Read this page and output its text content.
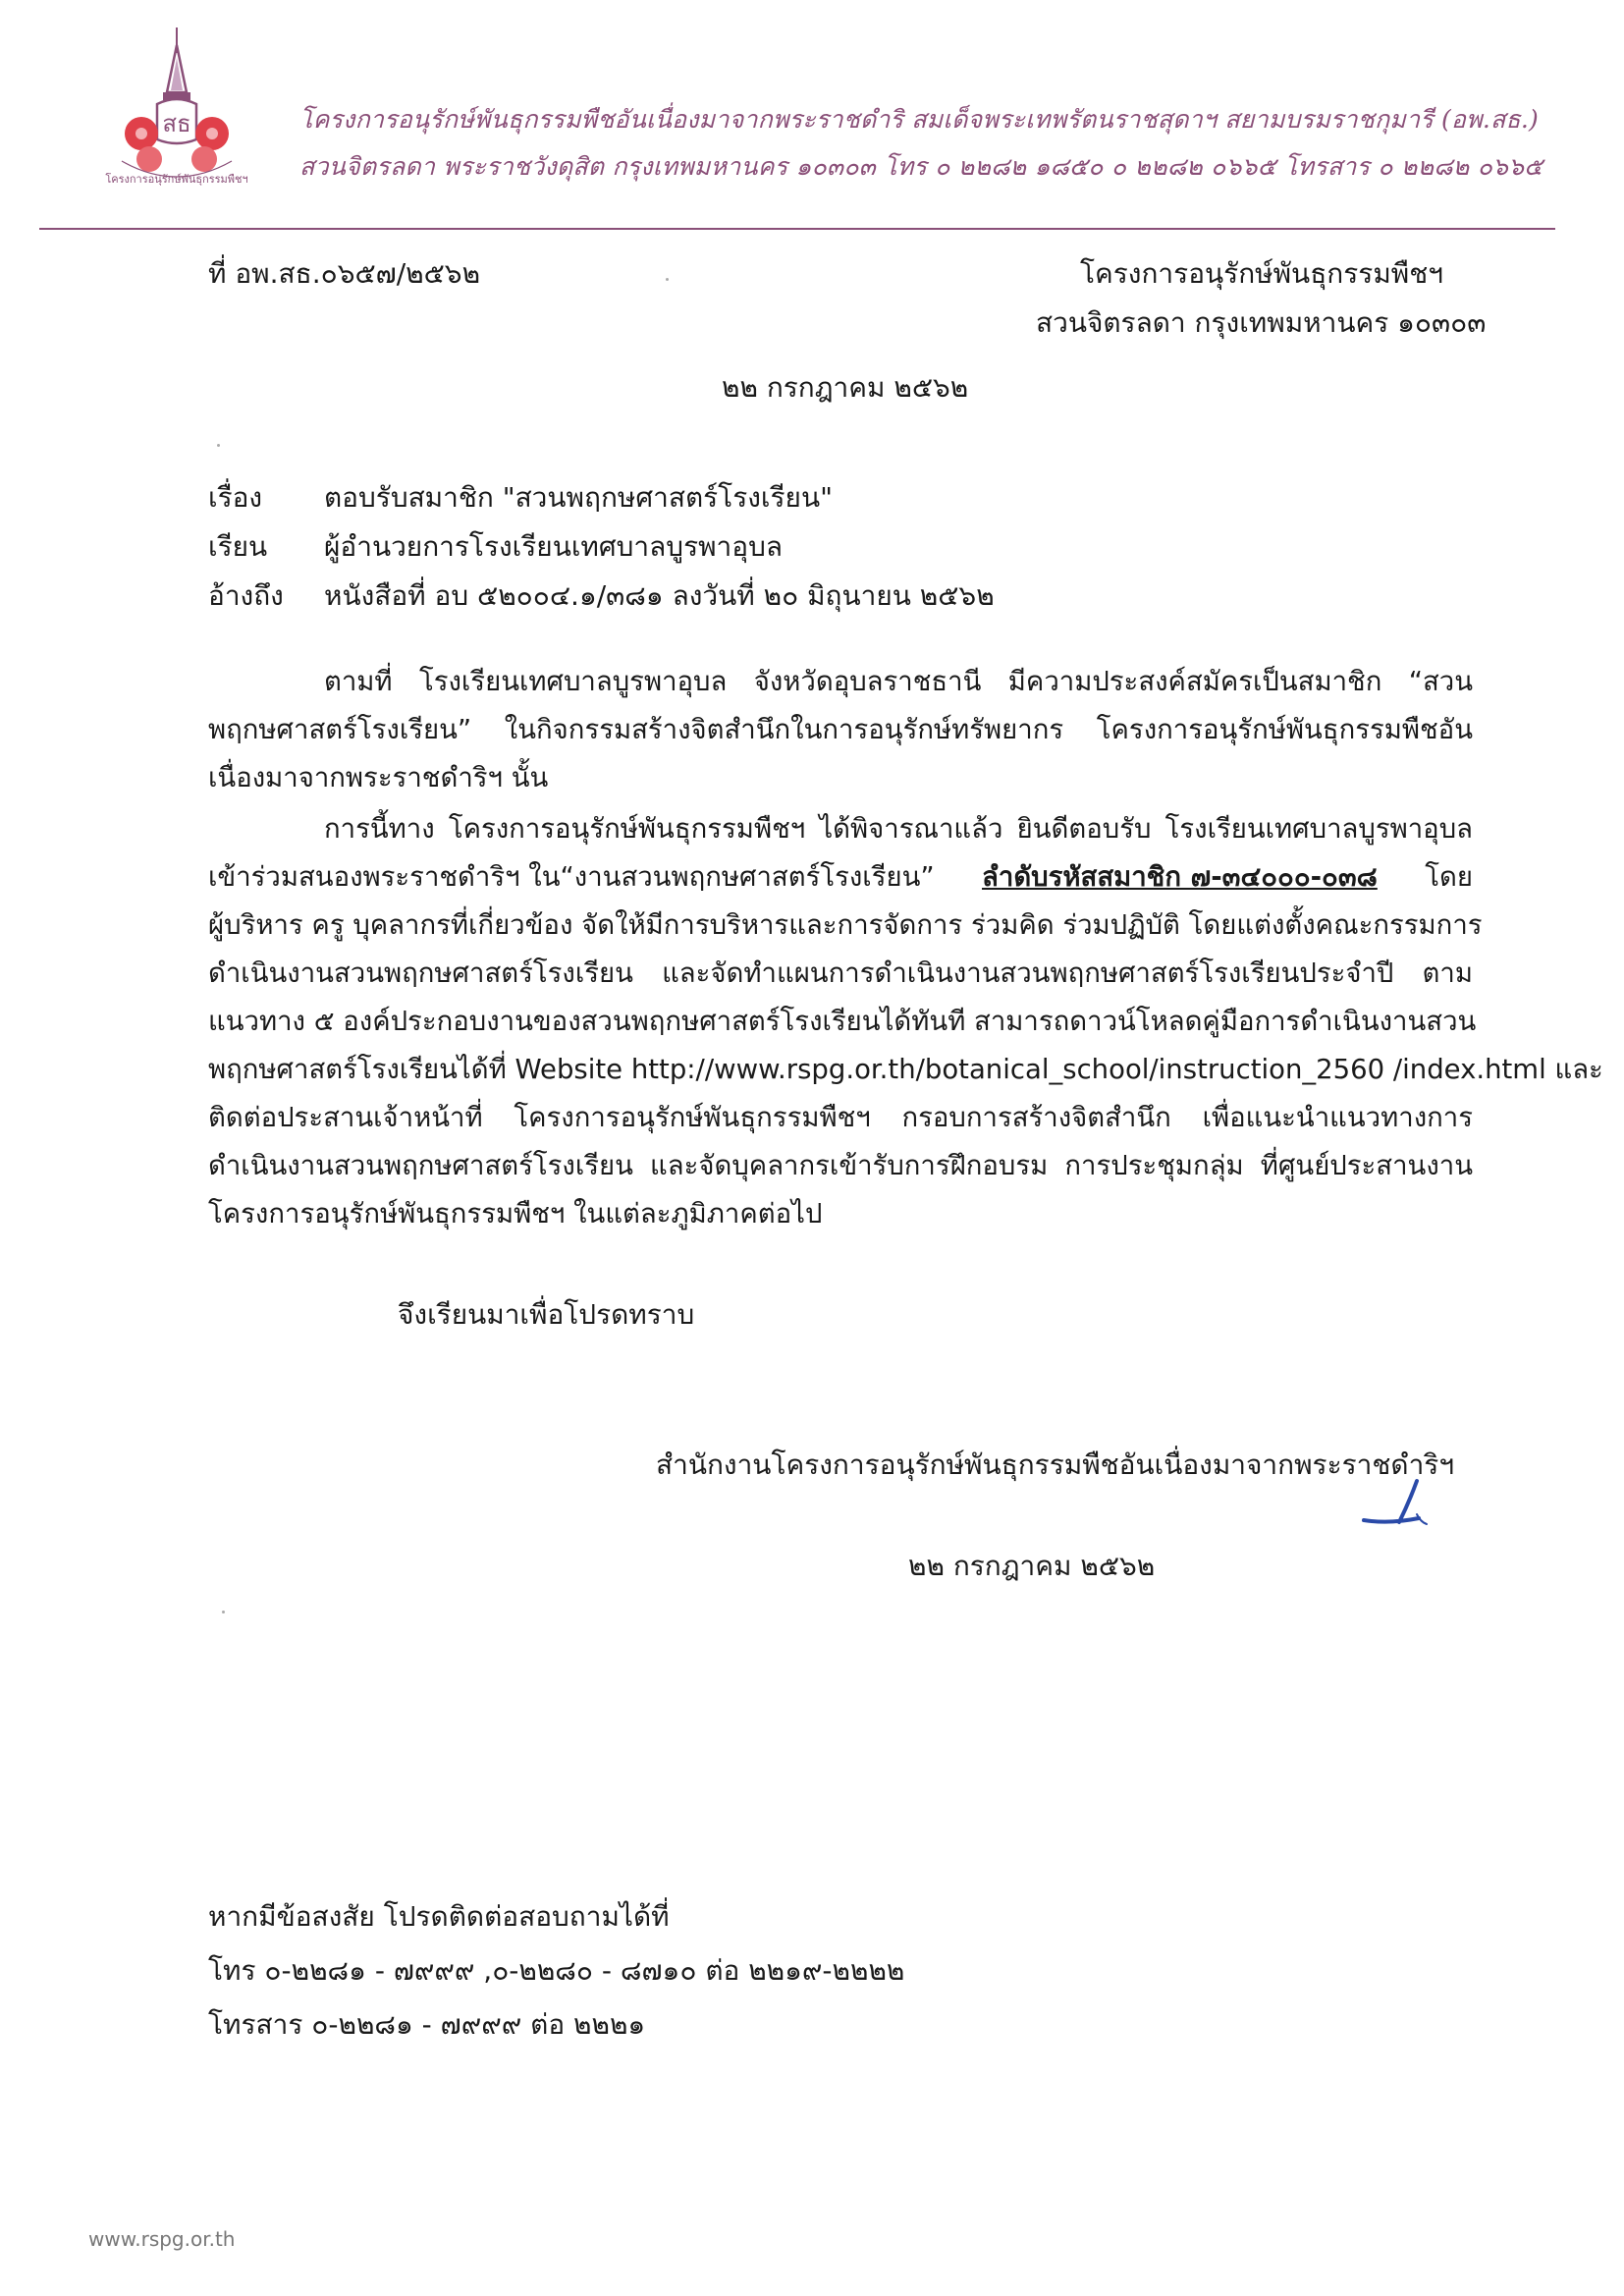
สธ
โครงการอนุรักษ์พันธุกรรมพืชฯ
โครงการอนุรักษ์พันธุกรรมพืชอันเนื่องมาจากพระราชดำริ สมเด็จพระเทพรัตนราชสุดาฯ สยามบรมราชกุมารี (อพ.สธ.)
สวนจิตรลดา พระราชวังดุสิต กรุงเทพมหานคร ๑๐๓๐๓ โทร ๐ ๒๒๘๒ ๑๘๕๐ ๐ ๒๒๘๒ ๐๖๖๕ โทรสาร ๐ ๒๒๘๒ ๐๖๖๕
ที่ อพ.สธ.๐๖๕๗/๒๕๖๒	โครงการอนุรักษ์พันธุกรรมพืชฯ
สวนจิตรลดา กรุงเทพมหานคร ๑๐๓๐๓
๒๒ กรกฎาคม ๒๕๖๒
เรื่อง ตอบรับสมาชิก "สวนพฤกษศาสตร์โรงเรียน"
เรียน ผู้อำนวยการโรงเรียนเทศบาลบูรพาอุบล
อ้างถึง หนังสือที่ อบ ๕๒๐๐๔.๑/๓๘๑ ลงวันที่ ๒๐ มิถุนายน ๒๕๖๒
ตามที่ โรงเรียนเทศบาลบูรพาอุบล จังหวัดอุบลราชธานี มีความประสงค์สมัครเป็นสมาชิก “สวน
พฤกษศาสตร์โรงเรียน” ในกิจกรรมสร้างจิตสำนึกในการอนุรักษ์ทรัพยากร โครงการอนุรักษ์พันธุกรรมพืชอัน
เนื่องมาจากพระราชดำริฯ นั้น
การนี้ทาง โครงการอนุรักษ์พันธุกรรมพืชฯ ได้พิจารณาแล้ว ยินดีตอบรับ โรงเรียนเทศบาลบูรพาอุบล
เข้าร่วมสนองพระราชดำริฯ ใน“งานสวนพฤกษศาสตร์โรงเรียน” ลำดับรหัสสมาชิก ๗-๓๔๐๐๐-๐๓๘ โดย
ผู้บริหาร ครู บุคลากรที่เกี่ยวข้อง จัดให้มีการบริหารและการจัดการ ร่วมคิด ร่วมปฏิบัติ โดยแต่งตั้งคณะกรรมการ
ดำเนินงานสวนพฤกษศาสตร์โรงเรียน และจัดทำแผนการดำเนินงานสวนพฤกษศาสตร์โรงเรียนประจำปี ตาม
แนวทาง ๕ องค์ประกอบงานของสวนพฤกษศาสตร์โรงเรียนได้ทันที สามารถดาวน์โหลดคู่มือการดำเนินงานสวน
พฤกษศาสตร์โรงเรียนได้ที่ Website http://www.rspg.or.th/botanical_school/instruction_2560 /index.html และ
ติดต่อประสานเจ้าหน้าที่ โครงการอนุรักษ์พันธุกรรมพืชฯ กรอบการสร้างจิตสำนึก เพื่อแนะนำแนวทางการ
ดำเนินงานสวนพฤกษศาสตร์โรงเรียน และจัดบุคลากรเข้ารับการฝึกอบรม การประชุมกลุ่ม ที่ศูนย์ประสานงาน
โครงการอนุรักษ์พันธุกรรมพืชฯ ในแต่ละภูมิภาคต่อไป
จึงเรียนมาเพื่อโปรดทราบ
สำนักงานโครงการอนุรักษ์พันธุกรรมพืชอันเนื่องมาจากพระราชดำริฯ
๒๒ กรกฎาคม ๒๕๖๒
หากมีข้อสงสัย โปรดติดต่อสอบถามได้ที่
โทร ๐-๒๒๘๑ - ๗๙๙๙ ,๐-๒๒๘๐ - ๘๗๑๐ ต่อ ๒๒๑๙-๒๒๒๒
โทรสาร ๐-๒๒๘๑ - ๗๙๙๙ ต่อ ๒๒๒๑
www.rspg.or.th
